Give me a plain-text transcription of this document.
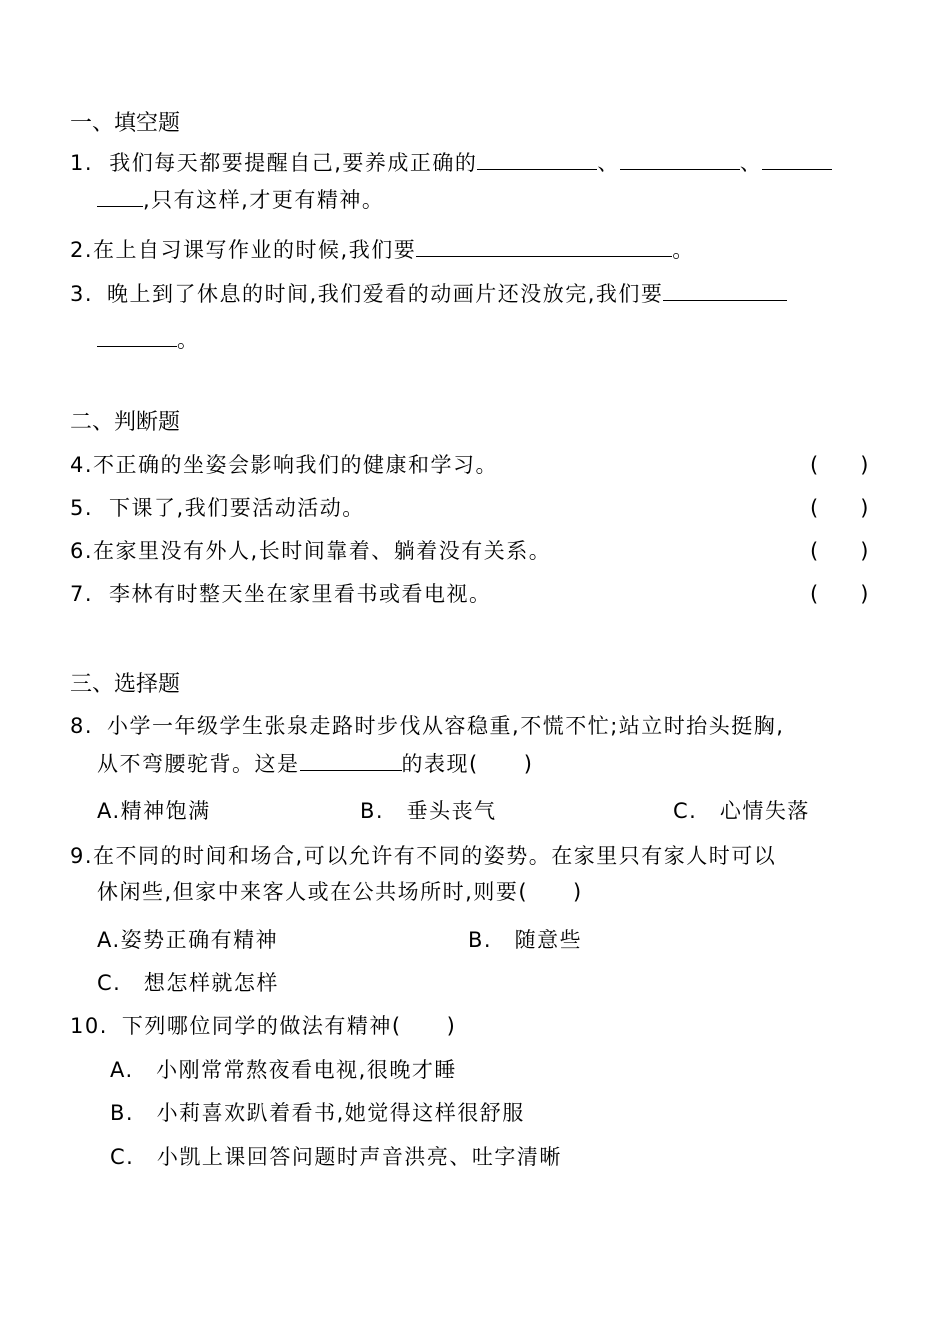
一、填空题
1. 我们每天都要提醒自己,要养成正确的	、	、
,只有这样,才更有精神。
2.在上自习课写作业的时候,我们要	。
3. 晚上到了休息的时间,我们爱看的动画片还没放完,我们要
。
二、判断题
4.不正确的坐姿会影响我们的健康和学习。	(　　)
5. 下课了,我们要活动活动。	(　　)
6.在家里没有外人,长时间靠着、躺着没有关系。	(　　)
7. 李林有时整天坐在家里看书或看电视。	(　　)
三、选择题
8. 小学一年级学生张泉走路时步伐从容稳重,不慌不忙;站立时抬头挺胸,
从不弯腰驼背。这是	的表现(　　)
A.精神饱满	B.　垂头丧气	C.　心情失落
9.在不同的时间和场合,可以允许有不同的姿势。在家里只有家人时可以
休闲些,但家中来客人或在公共场所时,则要(　　)
A.姿势正确有精神	B.　随意些
C.　想怎样就怎样
10. 下列哪位同学的做法有精神(　　)
A.　小刚常常熬夜看电视,很晚才睡
B.　小莉喜欢趴着看书,她觉得这样很舒服
C.　小凯上课回答问题时声音洪亮、吐字清晰
